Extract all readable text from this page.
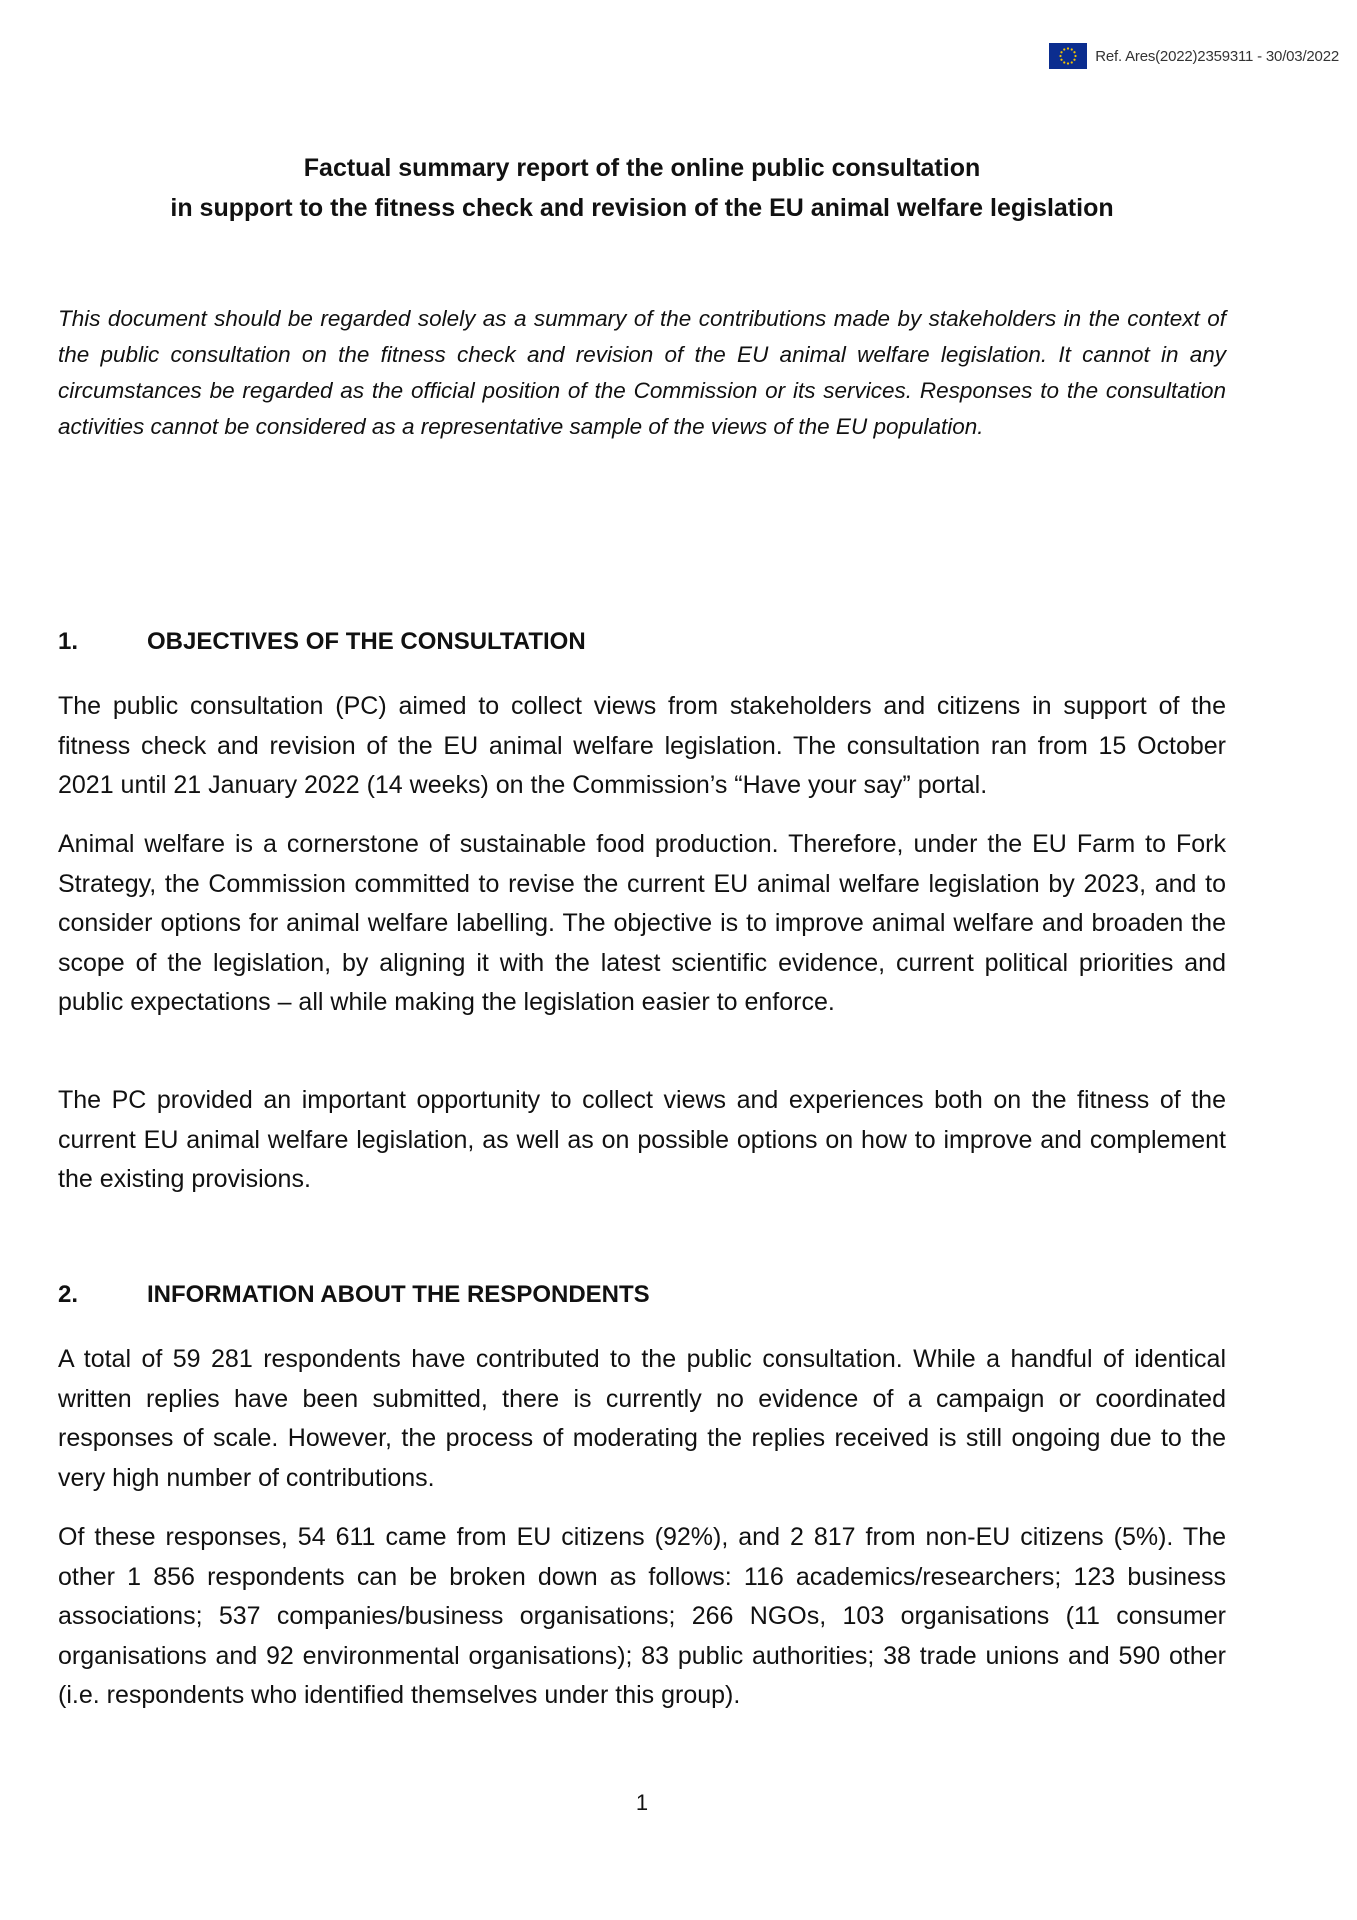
Ref. Ares(2022)2359311 - 30/03/2022
Factual summary report of the online public consultation
in support to the fitness check and revision of the EU animal welfare legislation

This document should be regarded solely as a summary of the contributions made by stakeholders in the context of the public consultation on the fitness check and revision of the EU animal welfare legislation. It cannot in any circumstances be regarded as the official position of the Commission or its services. Responses to the consultation activities cannot be considered as a representative sample of the views of the EU population.

1.	OBJECTIVES OF THE CONSULTATION

The public consultation (PC) aimed to collect views from stakeholders and citizens in support of the fitness check and revision of the EU animal welfare legislation. The consultation ran from 15 October 2021 until 21 January 2022 (14 weeks) on the Commission’s “Have your say” portal.

Animal welfare is a cornerstone of sustainable food production. Therefore, under the EU Farm to Fork Strategy, the Commission committed to revise the current EU animal welfare legislation by 2023, and to consider options for animal welfare labelling. The objective is to improve animal welfare and broaden the scope of the legislation, by aligning it with the latest scientific evidence, current political priorities and public expectations – all while making the legislation easier to enforce.

The PC provided an important opportunity to collect views and experiences both on the fitness of the current EU animal welfare legislation, as well as on possible options on how to improve and complement the existing provisions.

2.	INFORMATION ABOUT THE RESPONDENTS

A total of 59 281 respondents have contributed to the public consultation. While a handful of identical written replies have been submitted, there is currently no evidence of a campaign or coordinated responses of scale. However, the process of moderating the replies received is still ongoing due to the very high number of contributions.

Of these responses, 54 611 came from EU citizens (92%), and 2 817 from non-EU citizens (5%). The other 1 856 respondents can be broken down as follows: 116 academics/researchers; 123 business associations; 537 companies/business organisations; 266 NGOs, 103 organisations (11 consumer organisations and 92 environmental organisations); 83 public authorities; 38 trade unions and 590 other (i.e. respondents who identified themselves under this group).

1
